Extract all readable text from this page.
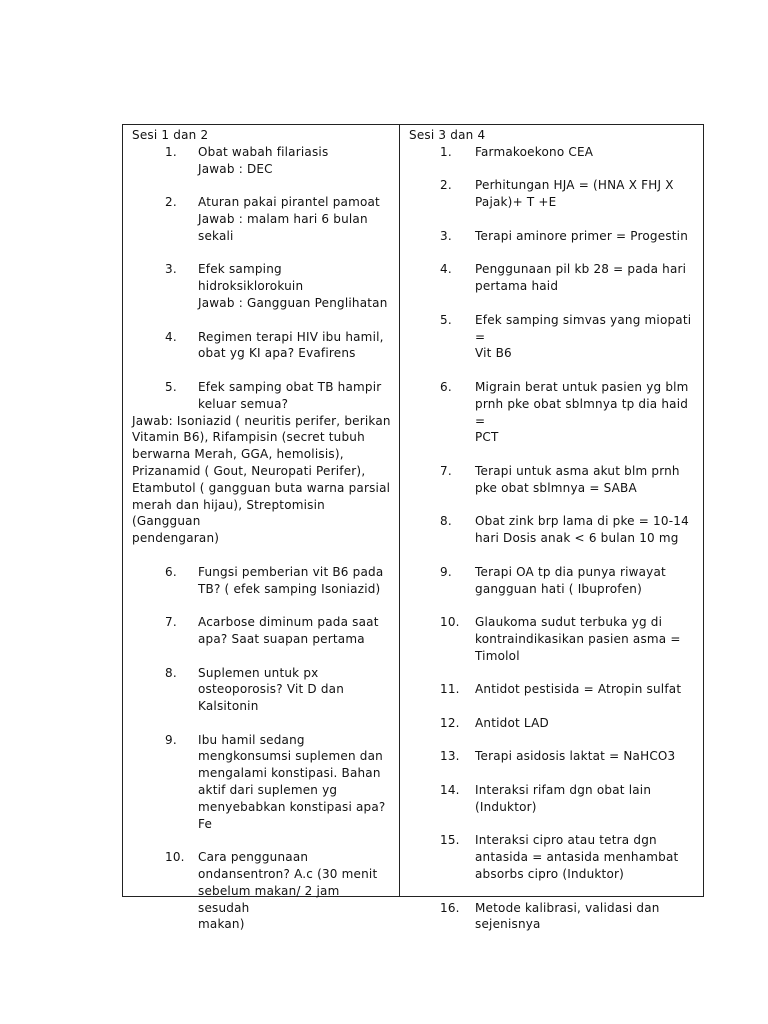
Sesi 1 dan 2
1.	Obat wabah filariasis
Jawab : DEC
2.	Aturan pakai pirantel pamoat
Jawab : malam hari 6 bulan
sekali
3.	Efek samping hidroksiklorokuin
Jawab : Gangguan Penglihatan
4.	Regimen terapi HIV ibu hamil,
obat yg KI apa? Evafirens
5.	Efek samping obat TB hampir
keluar semua?
Jawab: Isoniazid ( neuritis perifer, berikan
Vitamin B6), Rifampisin (secret tubuh
berwarna Merah, GGA, hemolisis),
Prizanamid ( Gout, Neuropati Perifer),
Etambutol ( gangguan buta warna parsial
merah dan hijau), Streptomisin (Gangguan
pendengaran)
6.	Fungsi pemberian vit B6 pada
TB? ( efek samping Isoniazid)
7.	Acarbose diminum pada saat
apa? Saat suapan pertama
8.	Suplemen untuk px
osteoporosis? Vit D dan
Kalsitonin
9.	Ibu hamil sedang
mengkonsumsi suplemen dan
mengalami konstipasi. Bahan
aktif dari suplemen yg
menyebabkan konstipasi apa?
Fe
10.	Cara penggunaan
ondansentron? A.c (30 menit
sebelum makan/ 2 jam sesudah
makan)
Sesi 3 dan 4
1.	Farmakoekono CEA
2.	Perhitungan HJA = (HNA X FHJ X
Pajak)+ T +E
3.	Terapi aminore primer = Progestin
4.	Penggunaan pil kb 28 = pada hari
pertama haid
5.	Efek samping simvas yang miopati =
Vit B6
6.	Migrain berat untuk pasien yg blm
prnh pke obat sblmnya tp dia haid =
PCT
7.	Terapi untuk asma akut blm prnh
pke obat sblmnya = SABA
8.	Obat zink brp lama di pke = 10-14
hari Dosis anak < 6 bulan 10 mg
9.	Terapi OA tp dia punya riwayat
gangguan hati ( Ibuprofen)
10.	Glaukoma sudut terbuka yg di
kontraindikasikan pasien asma =
Timolol
11.	Antidot pestisida = Atropin sulfat
12.	Antidot LAD
13.	Terapi asidosis laktat = NaHCO3
14.	Interaksi rifam dgn obat lain
(Induktor)
15.	Interaksi cipro atau tetra dgn
antasida = antasida menhambat
absorbs cipro (Induktor)
16.	Metode kalibrasi, validasi dan
sejenisnya
